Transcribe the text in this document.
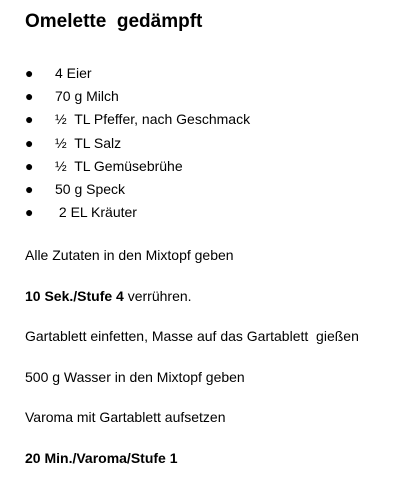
Omelette  gedämpft
● 4 Eier
● 70 g Milch
● ½  TL Pfeffer, nach Geschmack
● ½  TL Salz
● ½  TL Gemüsebrühe
● 50 g Speck
● 2 EL Kräuter
Alle Zutaten in den Mixtopf geben
10 Sek./Stufe 4 verrühren.
Gartablett einfetten, Masse auf das Gartablett  gießen
500 g Wasser in den Mixtopf geben
Varoma mit Gartablett aufsetzen
20 Min./Varoma/Stufe 1
